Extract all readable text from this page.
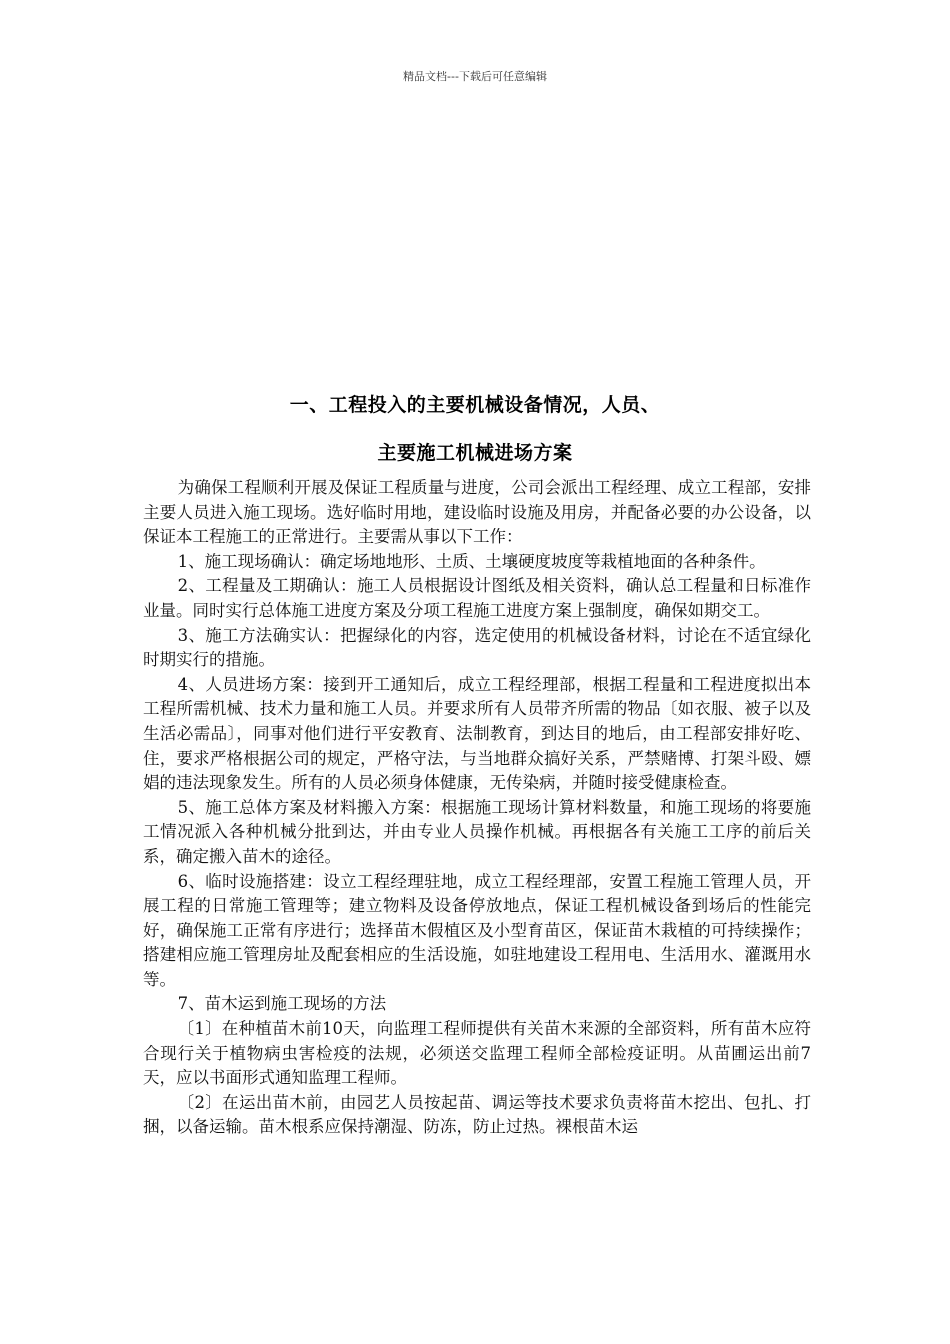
精品文档---下载后可任意编辑
一、工程投入的主要机械设备情况，人员、
主要施工机械进场方案

为确保工程顺利开展及保证工程质量与进度，公司会派出工程经理、成立工程部，安排主要人员进入施工现场。选好临时用地，建设临时设施及用房，并配备必要的办公设备，以保证本工程施工的正常进行。主要需从事以下工作：

1、施工现场确认：确定场地地形、土质、土壤硬度坡度等栽植地面的各种条件。

2、工程量及工期确认：施工人员根据设计图纸及相关资料，确认总工程量和日标准作业量。同时实行总体施工进度方案及分项工程施工进度方案上强制度，确保如期交工。

3、施工方法确实认：把握绿化的内容，选定使用的机械设备材料，讨论在不适宜绿化时期实行的措施。

4、人员进场方案：接到开工通知后，成立工程经理部，根据工程量和工程进度拟出本工程所需机械、技术力量和施工人员。并要求所有人员带齐所需的物品〔如衣服、被子以及生活必需品〕，同事对他们进行平安教育、法制教育，到达目的地后，由工程部安排好吃、住，要求严格根据公司的规定，严格守法，与当地群众搞好关系，严禁赌博、打架斗殴、嫖娼的违法现象发生。所有的人员必须身体健康，无传染病，并随时接受健康检查。

5、施工总体方案及材料搬入方案：根据施工现场计算材料数量，和施工现场的将要施工情况派入各种机械分批到达，并由专业人员操作机械。再根据各有关施工工序的前后关系，确定搬入苗木的途径。

6、临时设施搭建：设立工程经理驻地，成立工程经理部，安置工程施工管理人员，开展工程的日常施工管理等；建立物料及设备停放地点，保证工程机械设备到场后的性能完好，确保施工正常有序进行；选择苗木假植区及小型育苗区，保证苗木栽植的可持续操作；搭建相应施工管理房址及配套相应的生活设施，如驻地建设工程用电、生活用水、灌溉用水等。

7、苗木运到施工现场的方法

〔1〕在种植苗木前10天，向监理工程师提供有关苗木来源的全部资料，所有苗木应符合现行关于植物病虫害检疫的法规，必须送交监理工程师全部检疫证明。从苗圃运出前7天，应以书面形式通知监理工程师。

〔2〕在运出苗木前，由园艺人员按起苗、调运等技术要求负责将苗木挖出、包扎、打捆，以备运输。苗木根系应保持潮湿、防冻，防止过热。裸根苗木运
